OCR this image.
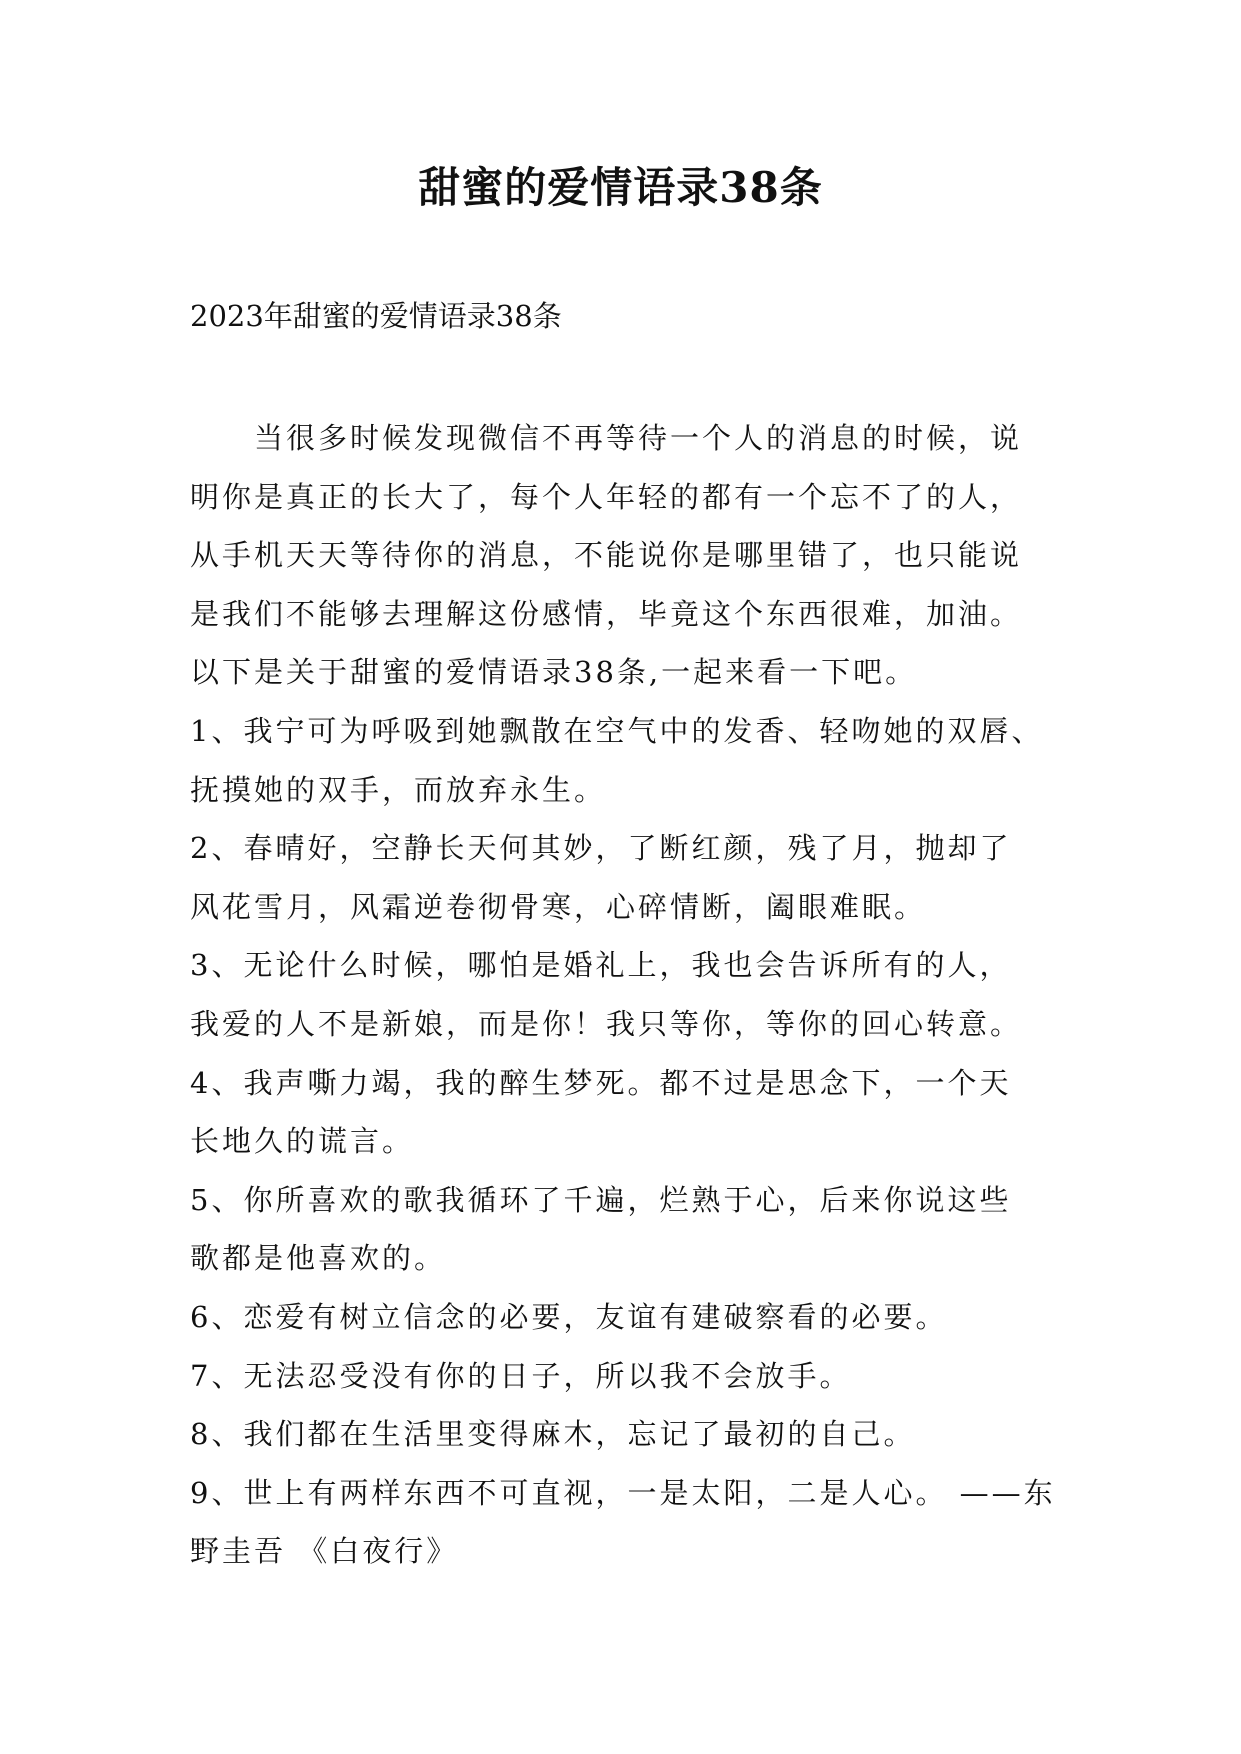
甜蜜的爱情语录38条
2023年甜蜜的爱情语录38条
当很多时候发现微信不再等待一个人的消息的时候，说
明你是真正的长大了，每个人年轻的都有一个忘不了的人，
从手机天天等待你的消息，不能说你是哪里错了，也只能说
是我们不能够去理解这份感情，毕竟这个东西很难，加油。
以下是关于甜蜜的爱情语录38条,一起来看一下吧。
1、我宁可为呼吸到她飘散在空气中的发香、轻吻她的双唇、
抚摸她的双手，而放弃永生。
2、春晴好，空静长天何其妙，了断红颜，残了月，抛却了
风花雪月，风霜逆卷彻骨寒，心碎情断，阖眼难眠。
3、无论什么时候，哪怕是婚礼上，我也会告诉所有的人，
我爱的人不是新娘，而是你！我只等你，等你的回心转意。
4、我声嘶力竭，我的醉生梦死。都不过是思念下，一个天
长地久的谎言。
5、你所喜欢的歌我循环了千遍，烂熟于心，后来你说这些
歌都是他喜欢的。
6、恋爱有树立信念的必要，友谊有建破察看的必要。
7、无法忍受没有你的日子，所以我不会放手。
8、我们都在生活里变得麻木，忘记了最初的自己。
9、世上有两样东西不可直视，一是太阳，二是人心。 ——东
野圭吾 《白夜行》
